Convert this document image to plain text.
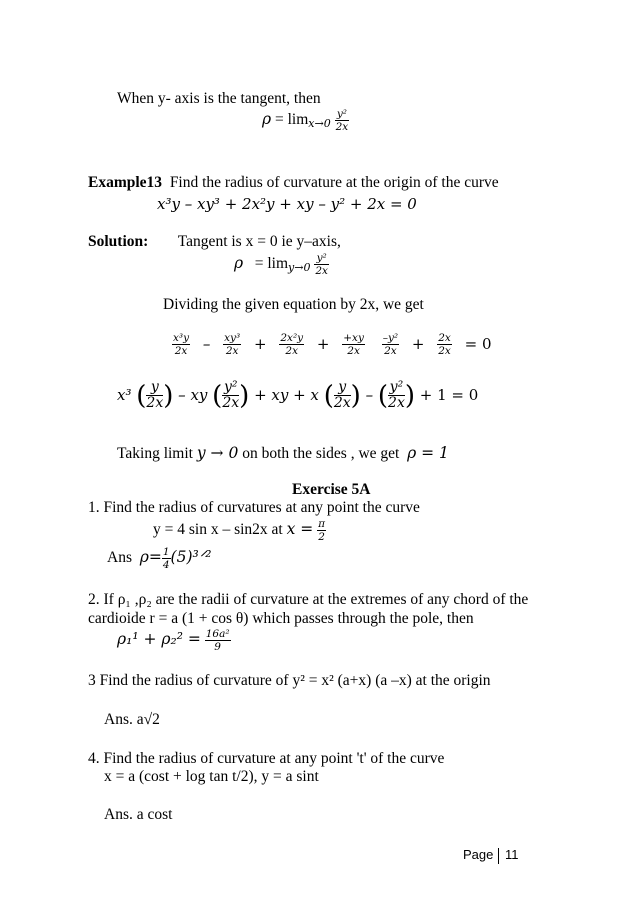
When y- axis is the tangent, then
$\rho = \lim x\to 0 \frac{\text{y²}}{2x}$
Example13 Find the radius of curvature at the origin of the curve
x³y – xy³ + 2x²y + xy – y² + 2x = 0
Solution: Tangent is x = 0 ie y–axis,
$\rho = \lim y\to 0 \frac{\text{y²}}{2x}$
Dividing the given equation by 2x, we get
$\frac{\text{x³y}}{2x} - \frac{\text{xy³}}{2x} + \frac{\text{2x²y}}{2x} + \frac{+xy}{2x}$
$\frac{\text{–y²}}{2x} + \frac{2x}{2x} = 0$
x³ ( $\frac{y}{2x}$ ) – xy ( $\frac{\text{y²}}{2x}$ ) + xy + x ( $\frac{y}{2x}$ ) – ( $\frac{\text{y²}}{2x}$ ) + 1 = 0
Taking limit y → 0 on both the sides , we get ρ = 1
Exercise 5A
1. Find the radius of curvatures at any point the curve
y = 4 sin x – sin2x at $x = \frac{\pi}{2}$
Ans $\rho= \frac{1}{4}$ (5)³ᐟ²
2. If ρ₁ ,ρ₂ are the radii of curvature at the extremes of any chord of the
cardioide r = a (1 + cos θ) which passes through the pole, then
$\rho_1^1 + \rho_2^2 = \frac{\text{16a²}}{9}$
3 Find the radius of curvature of y² = x² (a+x) (a –x) at the origin
Ans. a√2
4. Find the radius of curvature at any point 't' of the curve
x = a (cost + log tan t/2), y = a sint
Ans. a cost
Page 11
